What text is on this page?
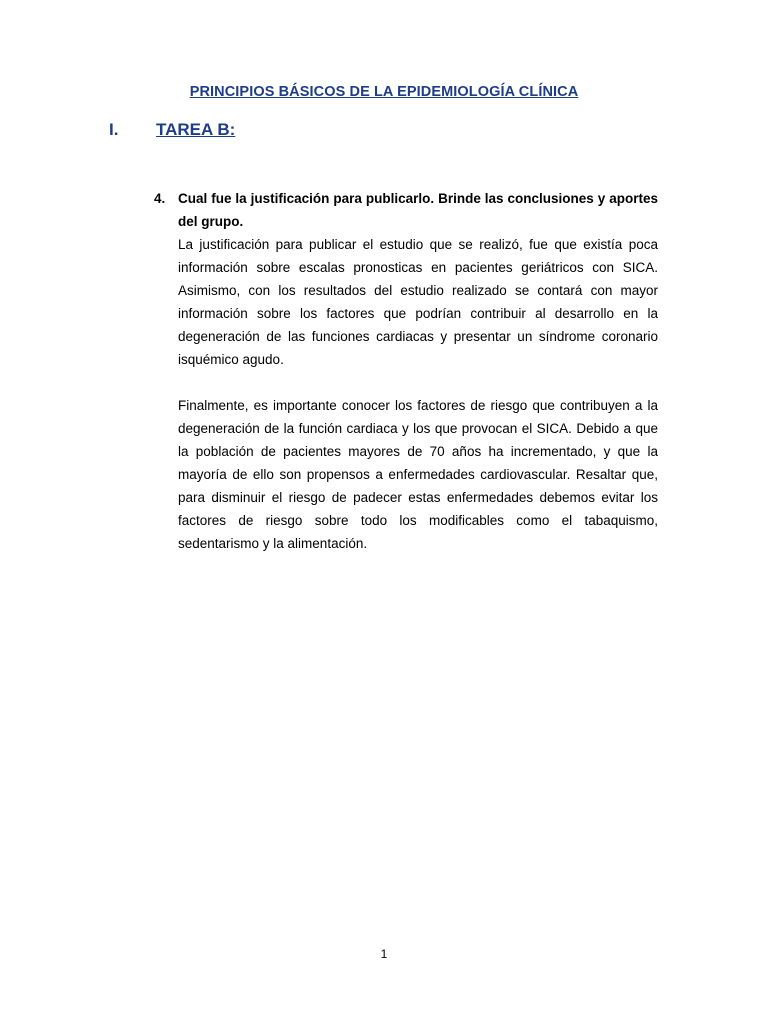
PRINCIPIOS BÁSICOS DE LA EPIDEMIOLOGÍA CLÍNICA
I. TAREA B:
4. Cual fue la justificación para publicarlo. Brinde las conclusiones y aportes del grupo.

La justificación para publicar el estudio que se realizó, fue que existía poca información sobre escalas pronosticas en pacientes geriátricos con SICA. Asimismo, con los resultados del estudio realizado se contará con mayor información sobre los factores que podrían contribuir al desarrollo en la degeneración de las funciones cardiacas y presentar un síndrome coronario isquémico agudo.

Finalmente, es importante conocer los factores de riesgo que contribuyen a la degeneración de la función cardiaca y los que provocan el SICA. Debido a que la población de pacientes mayores de 70 años ha incrementado, y que la mayoría de ello son propensos a enfermedades cardiovascular. Resaltar que, para disminuir el riesgo de padecer estas enfermedades debemos evitar los factores de riesgo sobre todo los modificables como el tabaquismo, sedentarismo y la alimentación.

1
